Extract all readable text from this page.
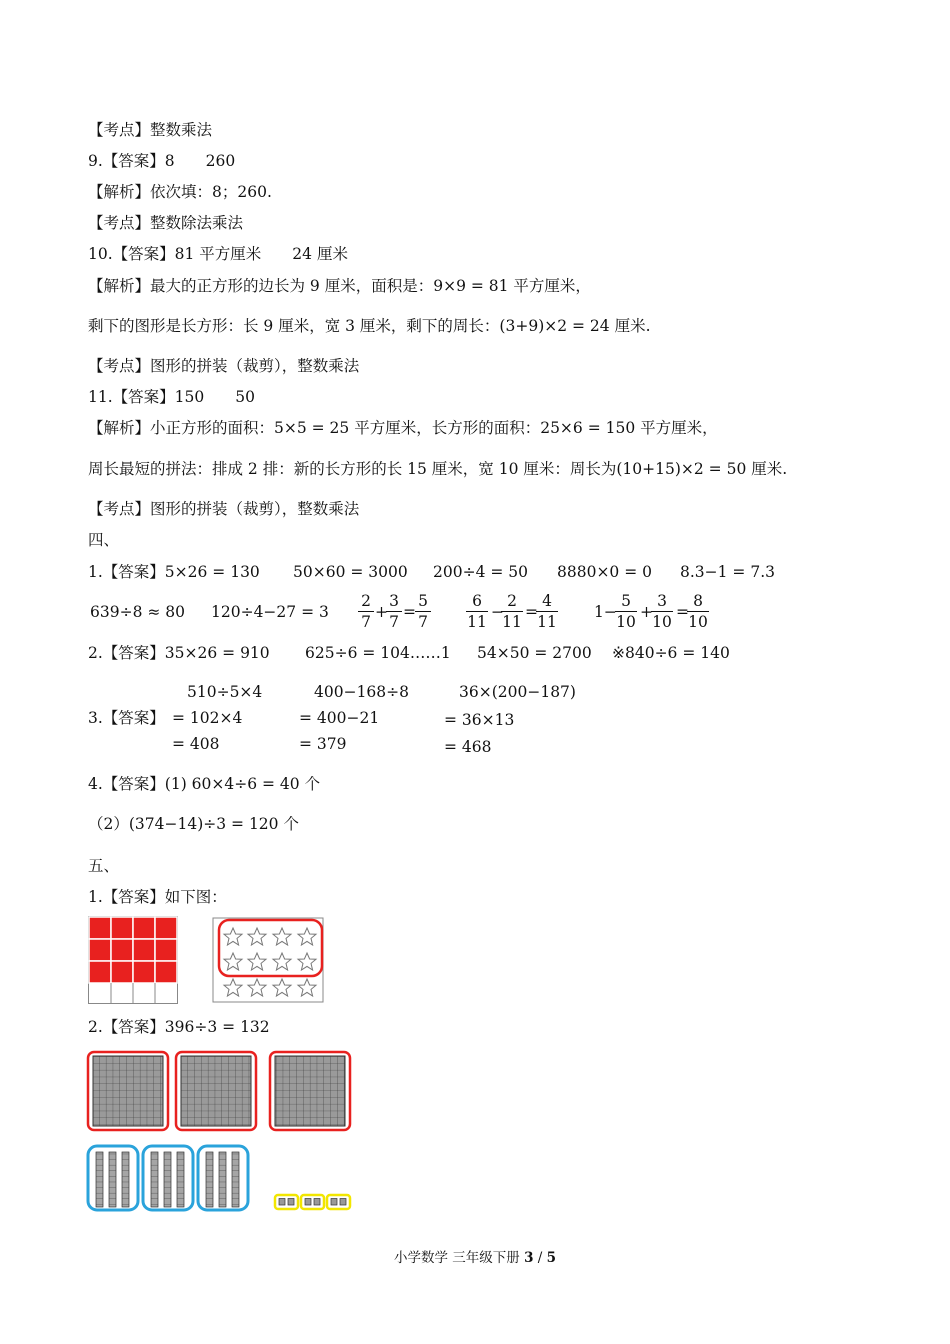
【考点】整数乘法
9.【答案】8　　260
【解析】依次填：8；260.
【考点】整数除法乘法
10.【答案】81 平方厘米　　24 厘米
【解析】最大的正方形的边长为 9 厘米，面积是：9×9 = 81 平方厘米，
剩下的图形是长方形：长 9 厘米，宽 3 厘米，剩下的周长：(3+9)×2 = 24 厘米.
【考点】图形的拼装（裁剪），整数乘法
11.【答案】150　　50
【解析】小正方形的面积：5×5 = 25 平方厘米，长方形的面积：25×6 = 150 平方厘米，
周长最短的拼法：排成 2 排：新的长方形的长 15 厘米，宽 10 厘米：周长为(10+15)×2 = 50 厘米.
【考点】图形的拼装（裁剪），整数乘法
四、
1.【答案】5×26 = 130 50×60 = 3000 200÷4 = 50 8880×0 = 0 8.3−1 = 7.3
639÷8 ≈ 80 120÷4−27 = 3
2
7
+
3
7
=
5
7
6
11
−
2
11
=
4
11
1−
5
10
+
3
10
=
8
10
2.【答案】35×26 = 910 625÷6 = 104……1 54×50 = 2700 ※840÷6 = 140
510÷5×4	400−168÷8	36×(200−187)
3.【答案】 = 102×4	= 400−21	= 36×13
= 408	= 379	= 468
4.【答案】(1) 60×4÷6 = 40 个
（2）(374−14)÷3 = 120 个
五、
1.【答案】如下图：
2.【答案】396÷3 = 132
小学数学 三年级下册 3 / 5
